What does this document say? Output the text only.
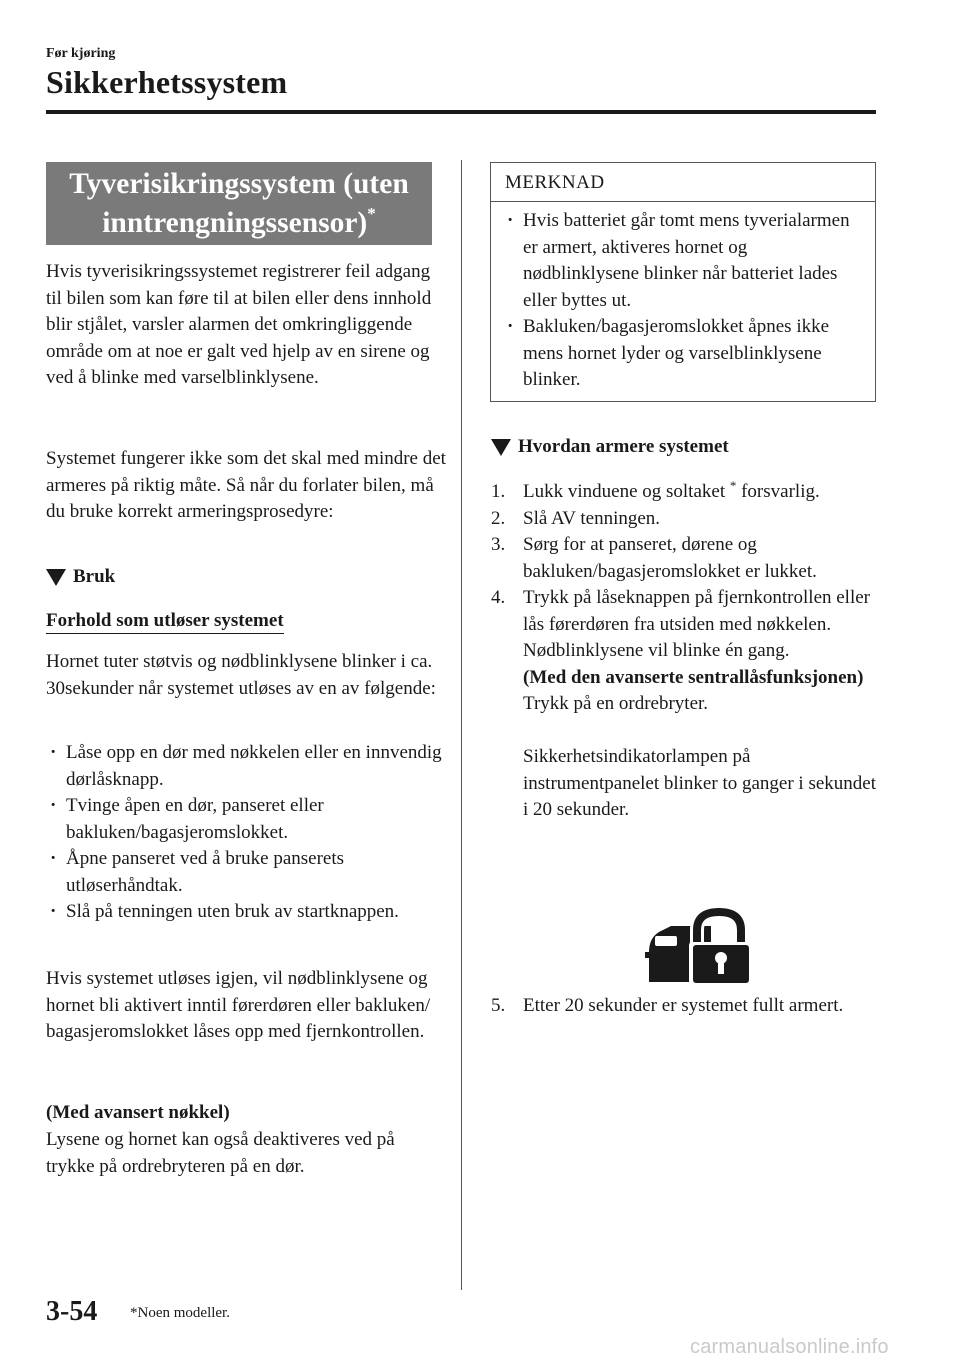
Før kjøring
Sikkerhetssystem
Tyverisikringssystem (uten
inntrengningssensor)*
Hvis tyverisikringssystemet registrerer feil adgang til bilen som kan føre til at bilen eller dens innhold blir stjålet, varsler alarmen det omkringliggende område om at noe er galt ved hjelp av en sirene og ved å blinke med varselblinklysene.
Systemet fungerer ikke som det skal med mindre det armeres på riktig måte. Så når du forlater bilen, må du bruke korrekt armeringsprosedyre:
Bruk
Forhold som utløser systemet
Hornet tuter støtvis og nødblinklysene blinker i ca. 30sekunder når systemet utløses av en av følgende:
· Låse opp en dør med nøkkelen eller en innvendig dørlåsknapp.
· Tvinge åpen en dør, panseret eller bakluken/bagasjeromslokket.
· Åpne panseret ved å bruke panserets utløserhåndtak.
· Slå på tenningen uten bruk av startknappen.
Hvis systemet utløses igjen, vil nødblinklysene og hornet bli aktivert inntil førerdøren eller bakluken/ bagasjeromslokket låses opp med fjernkontrollen.
(Med avansert nøkkel)
Lysene og hornet kan også deaktiveres ved på trykke på ordrebryteren på en dør.
MERKNAD
· Hvis batteriet går tomt mens tyverialarmen er armert, aktiveres hornet og nødblinklysene blinker når batteriet lades eller byttes ut.
· Bakluken/bagasjeromslokket åpnes ikke mens hornet lyder og varselblinklysene blinker.
Hvordan armere systemet
1. Lukk vinduene og soltaket * forsvarlig.
2. Slå AV tenningen.
3. Sørg for at panseret, dørene og bakluken/bagasjeromslokket er lukket.
4. Trykk på låseknappen på fjernkontrollen eller lås førerdøren fra utsiden med nøkkelen.
Nødblinklysene vil blinke én gang.
(Med den avanserte sentrallåsfunksjonen)
Trykk på en ordrebryter.
Sikkerhetsindikatorlampen på instrumentpanelet blinker to ganger i sekundet i 20 sekunder.
5. Etter 20 sekunder er systemet fullt armert.
3-54 *Noen modeller.
carmanualsonline.info
